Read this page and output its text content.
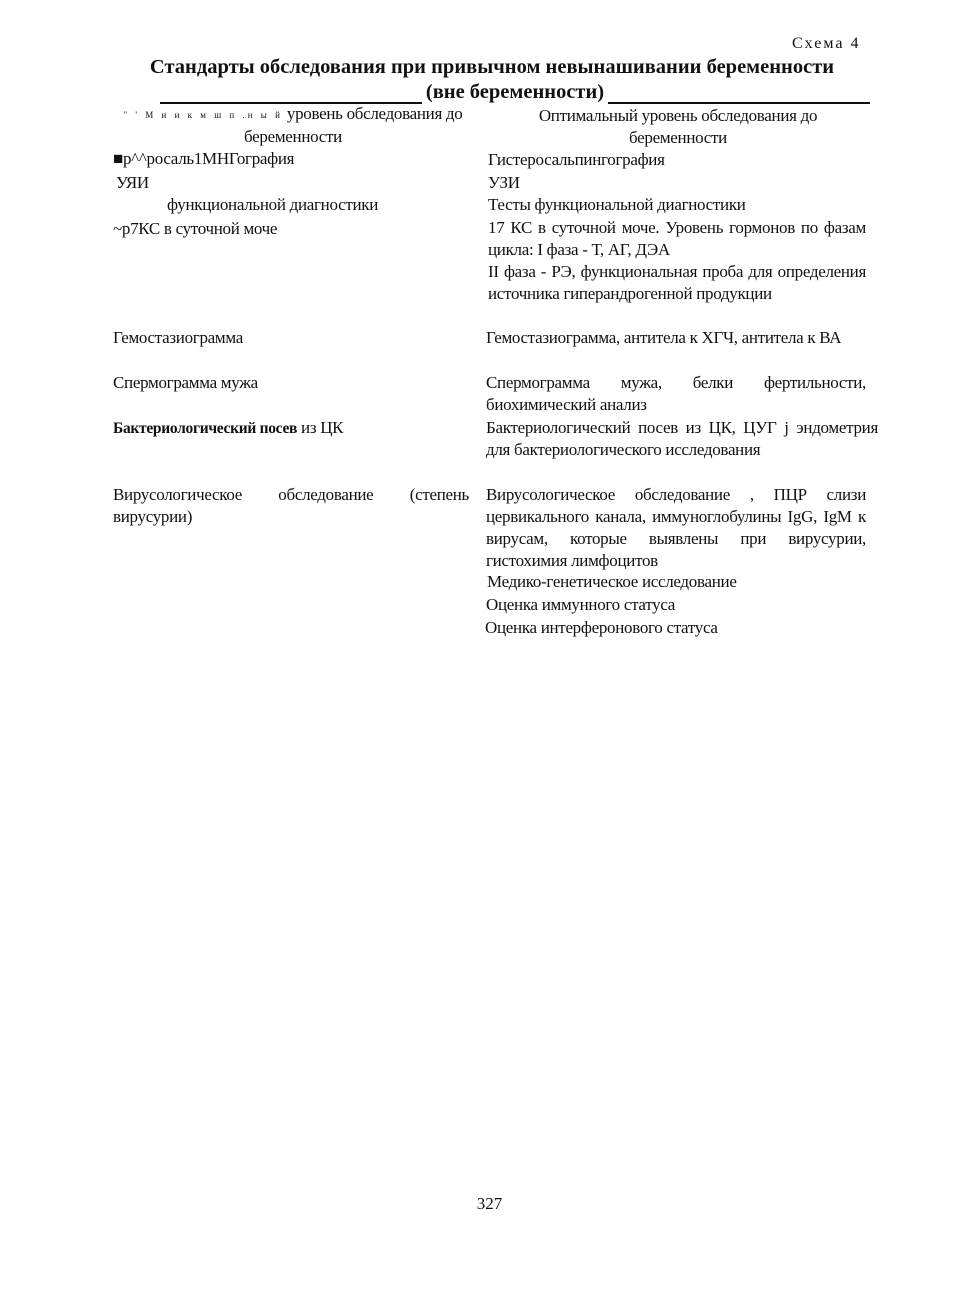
Схема 4
Стандарты обследования при привычном невынашивании беременности
(вне беременности)
" ' М и и к м ш п .н ы й уровень обследования до беременности
Оптимальный уровень обследования до беременности
■р^^росаль1МНГография
УЯИ
функциональной диагностики
~р7КС в суточной моче
Гемостазиограмма
Спермограмма мужа
Бактериологический посев из ЦК
Вирусологическое обследование (степень вирусурии)
Гистеросальпингография
УЗИ
Тесты функциональной диагностики
17 КС в суточной моче. Уровень гормонов по фазам цикла: I фаза - Т, АГ, ДЭА
II фаза - РЭ, функциональная проба для определения источника гиперандрогенной продукции
Гемостазиограмма, антитела к ХГЧ, антитела к ВА
Спермограмма мужа, белки фертильности, биохимический анализ
Бактериологический посев из ЦК, ЦУГ j эндометрия для бактериологического исследования
Вирусологическое обследование , ПЦР слизи цервикального канала, иммуноглобулины IgG, IgM к вирусам, которые выявлены при вирусурии, гистохимия лимфоцитов
Медико-генетическое исследование
Оценка иммунного статуса
Оценка интерферонового статуса
327
